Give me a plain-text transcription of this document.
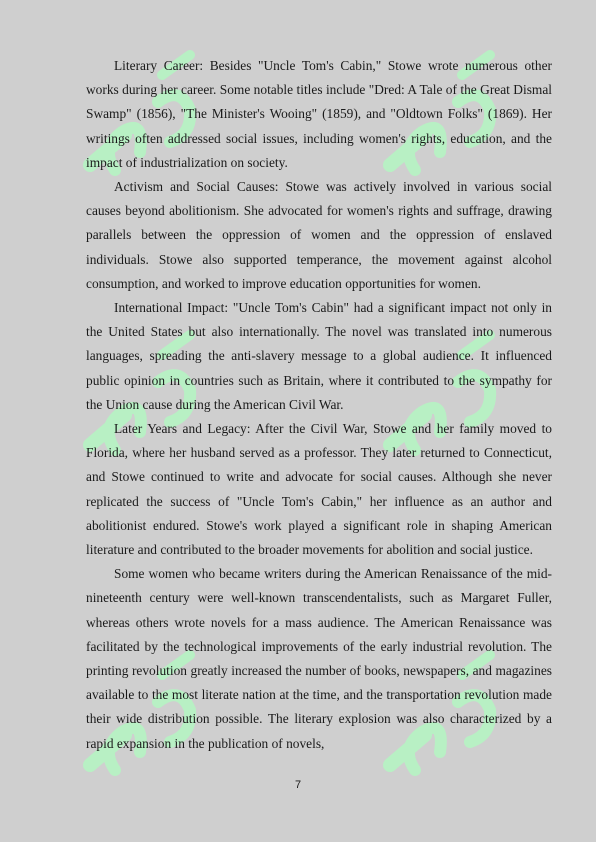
Literary Career: Besides "Uncle Tom's Cabin," Stowe wrote numerous other works during her career. Some notable titles include "Dred: A Tale of the Great Dismal Swamp" (1856), "The Minister's Wooing" (1859), and "Oldtown Folks" (1869). Her writings often addressed social issues, including women's rights, education, and the impact of industrialization on society.

Activism and Social Causes: Stowe was actively involved in various social causes beyond abolitionism. She advocated for women's rights and suffrage, drawing parallels between the oppression of women and the oppression of enslaved individuals. Stowe also supported temperance, the movement against alcohol consumption, and worked to improve education opportunities for women.

International Impact: "Uncle Tom's Cabin" had a significant impact not only in the United States but also internationally. The novel was translated into numerous languages, spreading the anti-slavery message to a global audience. It influenced public opinion in countries such as Britain, where it contributed to the sympathy for the Union cause during the American Civil War.

Later Years and Legacy: After the Civil War, Stowe and her family moved to Florida, where her husband served as a professor. They later returned to Connecticut, and Stowe continued to write and advocate for social causes. Although she never replicated the success of "Uncle Tom's Cabin," her influence as an author and abolitionist endured. Stowe's work played a significant role in shaping American literature and contributed to the broader movements for abolition and social justice.

Some women who became writers during the American Renaissance of the mid-nineteenth century were well-known transcendentalists, such as Margaret Fuller, whereas others wrote novels for a mass audience. The American Renaissance was facilitated by the technological improvements of the early industrial revolution. The printing revolution greatly increased the number of books, newspapers, and magazines available to the most literate nation at the time, and the transportation revolution made their wide distribution possible. The literary explosion was also characterized by a rapid expansion in the publication of novels,

7
